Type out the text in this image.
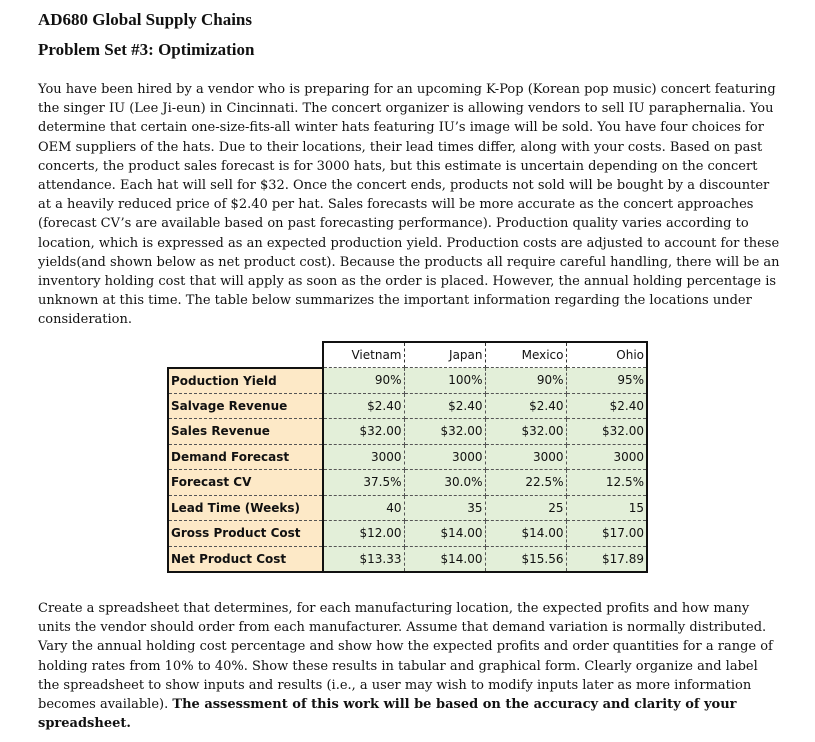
AD680 Global Supply Chains
Problem Set #3: Optimization

You have been hired by a vendor who is preparing for an upcoming K-Pop (Korean pop music) concert featuring the singer IU (Lee Ji-eun) in Cincinnati. The concert organizer is allowing vendors to sell IU paraphernalia. You determine that certain one-size-fits-all winter hats featuring IU’s image will be sold. You have four choices for OEM suppliers of the hats. Due to their locations, their lead times differ, along with your costs. Based on past concerts, the product sales forecast is for 3000 hats, but this estimate is uncertain depending on the concert attendance. Each hat will sell for $32. Once the concert ends, products not sold will be bought by a discounter at a heavily reduced price of $2.40 per hat. Sales forecasts will be more accurate as the concert approaches (forecast CV’s are available based on past forecasting performance). Production quality varies according to location, which is expressed as an expected production yield. Production costs are adjusted to account for these yields(and shown below as net product cost). Because the products all require careful handling, there will be an inventory holding cost that will apply as soon as the order is placed. However, the annual holding percentage is unknown at this time. The table below summarizes the important information regarding the locations under consideration.

	Vietnam	Japan	Mexico	Ohio
Poduction Yield	90%	100%	90%	95%
Salvage Revenue	$2.40	$2.40	$2.40	$2.40
Sales Revenue	$32.00	$32.00	$32.00	$32.00
Demand Forecast	3000	3000	3000	3000
Forecast CV	37.5%	30.0%	22.5%	12.5%
Lead Time (Weeks)	40	35	25	15
Gross Product Cost	$12.00	$14.00	$14.00	$17.00
Net Product Cost	$13.33	$14.00	$15.56	$17.89

Create a spreadsheet that determines, for each manufacturing location, the expected profits and how many units the vendor should order from each manufacturer. Assume that demand variation is normally distributed. Vary the annual holding cost percentage and show how the expected profits and order quantities for a range of holding rates from 10% to 40%. Show these results in tabular and graphical form. Clearly organize and label the spreadsheet to show inputs and results (i.e., a user may wish to modify inputs later as more information becomes available). The assessment of this work will be based on the accuracy and clarity of your spreadsheet.
